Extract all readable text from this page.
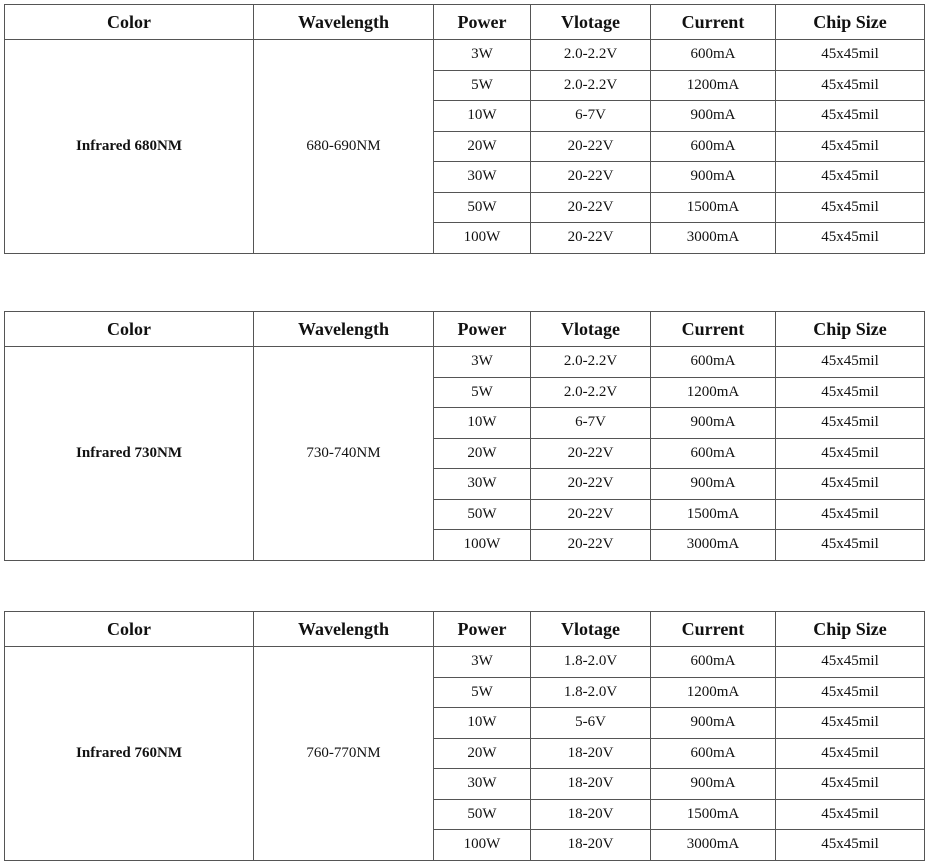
Color	Wavelength	Power	Vlotage	Current	Chip Size
Infrared 680NM	680-690NM	3W	2.0-2.2V	600mA	45x45mil
		5W	2.0-2.2V	1200mA	45x45mil
		10W	6-7V	900mA	45x45mil
		20W	20-22V	600mA	45x45mil
		30W	20-22V	900mA	45x45mil
		50W	20-22V	1500mA	45x45mil
		100W	20-22V	3000mA	45x45mil
Color	Wavelength	Power	Vlotage	Current	Chip Size
Infrared 730NM	730-740NM	3W	2.0-2.2V	600mA	45x45mil
		5W	2.0-2.2V	1200mA	45x45mil
		10W	6-7V	900mA	45x45mil
		20W	20-22V	600mA	45x45mil
		30W	20-22V	900mA	45x45mil
		50W	20-22V	1500mA	45x45mil
		100W	20-22V	3000mA	45x45mil
Color	Wavelength	Power	Vlotage	Current	Chip Size
Infrared 760NM	760-770NM	3W	1.8-2.0V	600mA	45x45mil
		5W	1.8-2.0V	1200mA	45x45mil
		10W	5-6V	900mA	45x45mil
		20W	18-20V	600mA	45x45mil
		30W	18-20V	900mA	45x45mil
		50W	18-20V	1500mA	45x45mil
		100W	18-20V	3000mA	45x45mil
